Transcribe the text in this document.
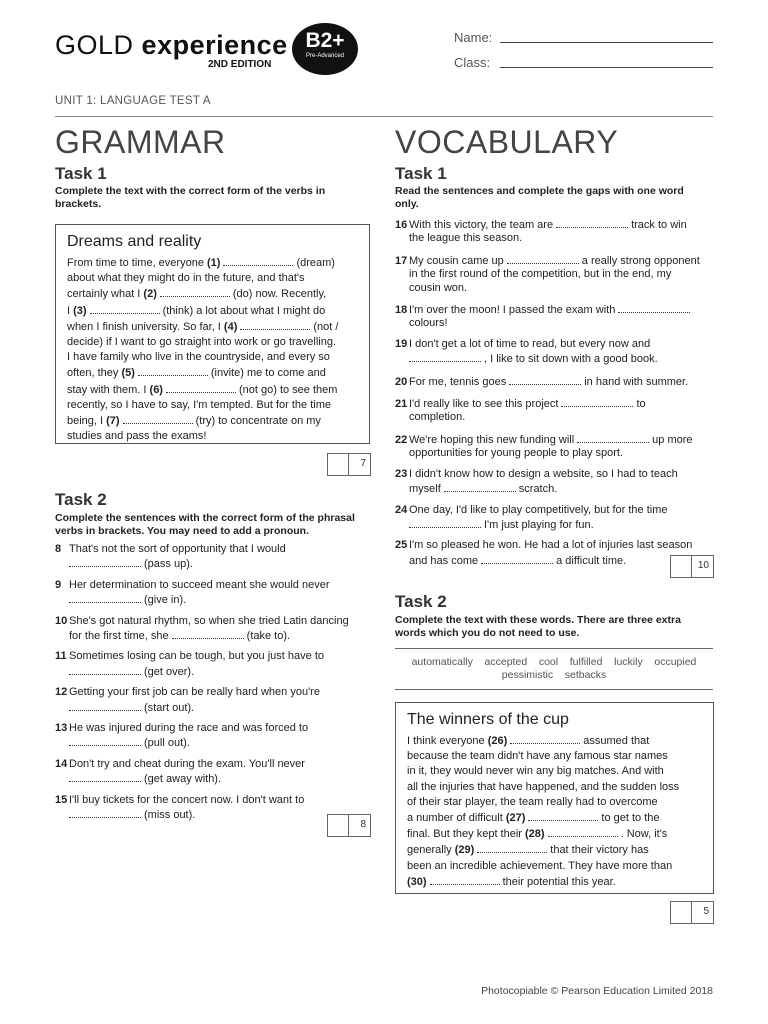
GOLD experience
2ND EDITION
B2+
Pre-Advanced
Name:
Class:
UNIT 1: LANGUAGE TEST A
GRAMMAR
Task 1
Complete the text with the correct form of the verbs in brackets.
Dreams and reality
From time to time, everyone (1)	(dream)
about what they might do in the future, and that's
certainly what I (2)	(do) now. Recently,
I (3)	(think) a lot about what I might do
when I finish university. So far, I (4)	(not /
decide) if I want to go straight into work or go travelling.
I have family who live in the countryside, and every so
often, they (5)	(invite) me to come and
stay with them. I (6)	(not go) to see them
recently, so I have to say, I'm tempted. But for the time
being, I (7)	(try) to concentrate on my
studies and pass the exams!
7
Task 2
Complete the sentences with the correct form of the phrasal verbs in brackets. You may need to add a pronoun.
8 That's not the sort of opportunity that I would
(pass up).
9 Her determination to succeed meant she would never
(give in).
10 She's got natural rhythm, so when she tried Latin dancing
for the first time, she	(take to).
11 Sometimes losing can be tough, but you just have to
(get over).
12 Getting your first job can be really hard when you're
(start out).
13 He was injured during the race and was forced to
(pull out).
14 Don't try and cheat during the exam. You'll never
(get away with).
15 I'll buy tickets for the concert now. I don't want to
(miss out).
8
VOCABULARY
Task 1
Read the sentences and complete the gaps with one word only.
16 With this victory, the team are	track to win
the league this season.
17 My cousin came up	a really strong opponent
in the first round of the competition, but in the end, my
cousin won.
18 I'm over the moon! I passed the exam with
colours!
19 I don't get a lot of time to read, but every now and
, I like to sit down with a good book.
20 For me, tennis goes	in hand with summer.
21 I'd really like to see this project	to
completion.
22 We're hoping this new funding will	up more
opportunities for young people to play sport.
23 I didn't know how to design a website, so I had to teach
myself	scratch.
24 One day, I'd like to play competitively, but for the time
I'm just playing for fun.
25 I'm so pleased he won. He had a lot of injuries last season
and has come	a difficult time.	10
Task 2
Complete the text with these words. There are three extra words which you do not need to use.
automatically    accepted    cool    fulfilled    luckily    occupied
pessimistic    setbacks
The winners of the cup
I think everyone (26)	assumed that
because the team didn't have any famous star names
in it, they would never win any big matches. And with
all the injuries that have happened, and the sudden loss
of their star player, the team really had to overcome
a number of difficult (27)	to get to the
final. But they kept their (28)	. Now, it's
generally (29)	that their victory has
been an incredible achievement. They have more than
(30)	their potential this year.
5
Photocopiable © Pearson Education Limited 2018
